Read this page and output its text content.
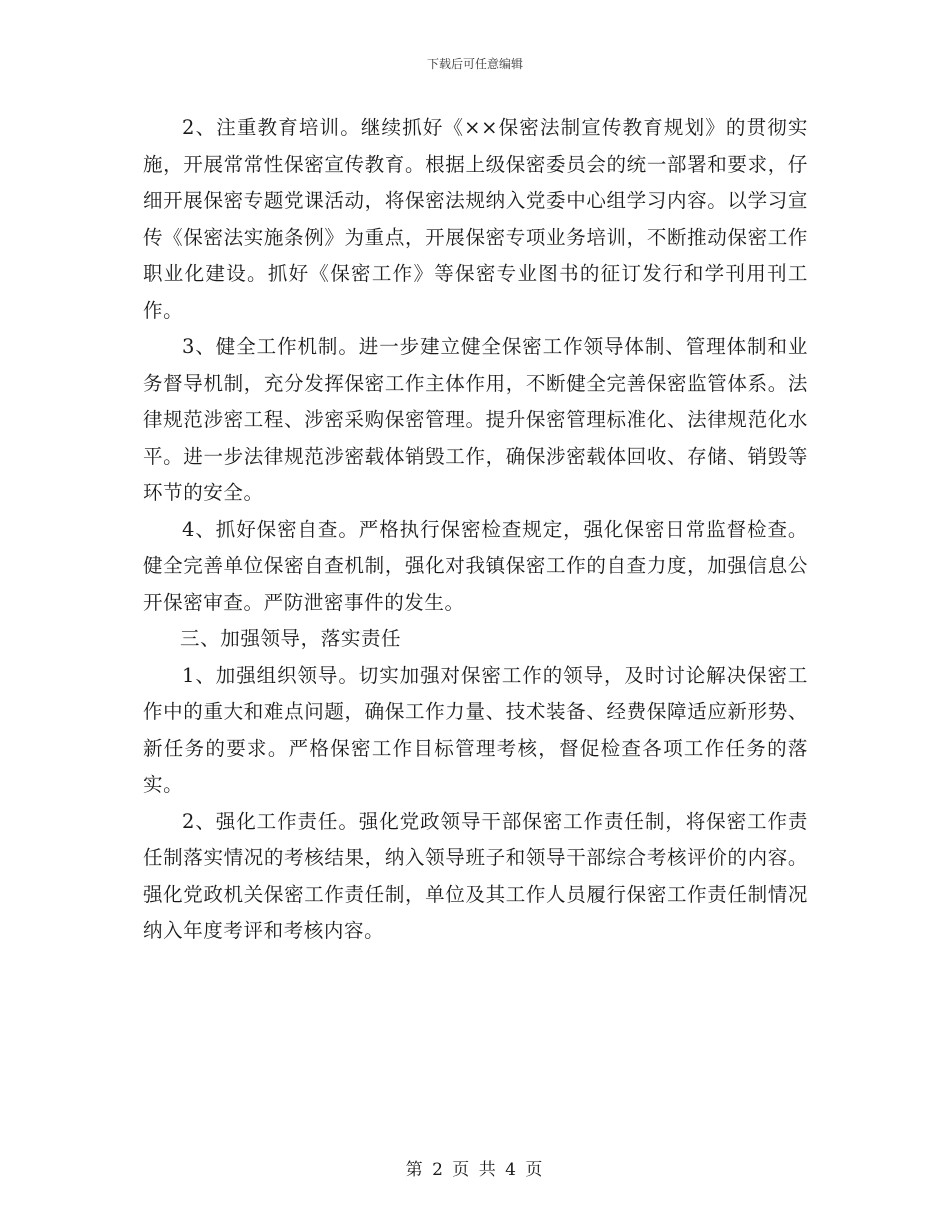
下载后可任意编辑

2、注重教育培训。继续抓好《××保密法制宣传教育规划》的贯彻实施，开展常常性保密宣传教育。根据上级保密委员会的统一部署和要求，仔细开展保密专题党课活动，将保密法规纳入党委中心组学习内容。以学习宣传《保密法实施条例》为重点，开展保密专项业务培训，不断推动保密工作职业化建设。抓好《保密工作》等保密专业图书的征订发行和学刊用刊工作。

3、健全工作机制。进一步建立健全保密工作领导体制、管理体制和业务督导机制，充分发挥保密工作主体作用，不断健全完善保密监管体系。法律规范涉密工程、涉密采购保密管理。提升保密管理标准化、法律规范化水平。进一步法律规范涉密载体销毁工作，确保涉密载体回收、存储、销毁等环节的安全。

4、抓好保密自查。严格执行保密检查规定，强化保密日常监督检查。健全完善单位保密自查机制，强化对我镇保密工作的自查力度，加强信息公开保密审查。严防泄密事件的发生。

三、加强领导，落实责任

1、加强组织领导。切实加强对保密工作的领导，及时讨论解决保密工作中的重大和难点问题，确保工作力量、技术装备、经费保障适应新形势、新任务的要求。严格保密工作目标管理考核，督促检查各项工作任务的落实。

2、强化工作责任。强化党政领导干部保密工作责任制，将保密工作责任制落实情况的考核结果，纳入领导班子和领导干部综合考核评价的内容。强化党政机关保密工作责任制，单位及其工作人员履行保密工作责任制情况纳入年度考评和考核内容。

第 2 页 共 4 页
